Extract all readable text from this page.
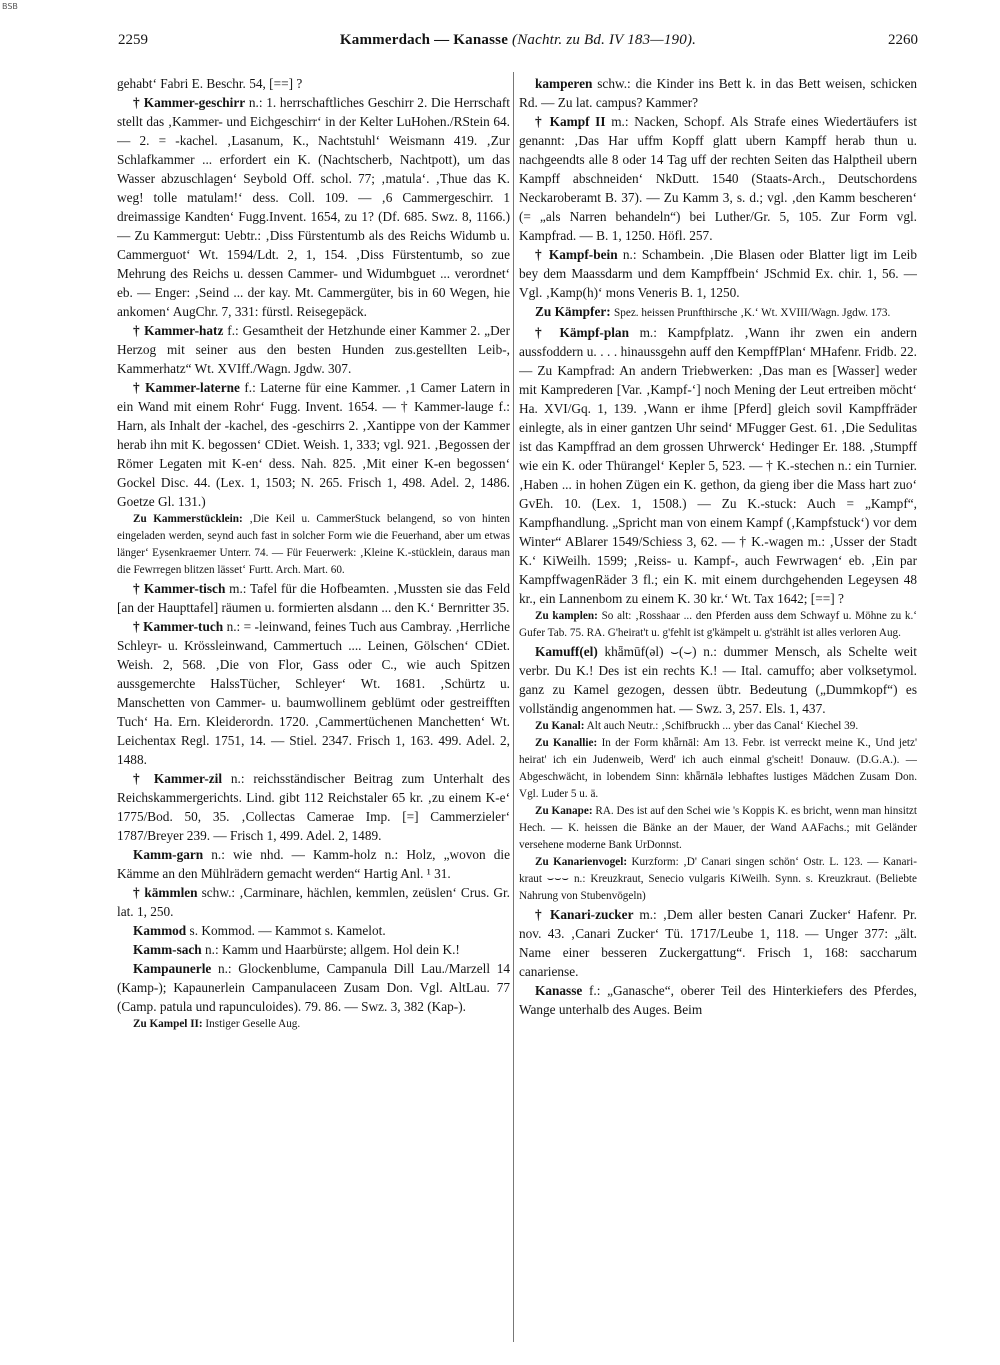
BSB
2259	Kammerdach — Kanasse (Nachtr. zu Bd. IV 183—190).	2260

gehabt‘ Fabri E. Beschr. 54, [==] ?

† Kammer-geschirr n.: 1. herrschaftliches Geschirr 2. Die Herrschaft stellt das ‚Kammer- und Eichgeschirr‘ in der Kelter LuHohen./RStein 64. — 2. = -kachel. ‚Lasanum, K., Nachtstuhl‘ Weismann 419. ‚Zur Schlafkammer ... erfordert ein K. (Nachtscherb, Nachtpott), um das Wasser abzuschlagen‘ Seybold Off. schol. 77; ‚matula‘. ‚Thue das K. weg! tolle matulam!‘ dess. Coll. 109. — ‚6 Cammergeschirr. 1 dreimassige Kandten‘ Fugg.Invent. 1654, zu 1? (Df. 685. Swz. 8, 1166.) — Zu Kammergut: Uebtr.: ‚Diss Fürstentumb als des Reichs Widumb u. Cammerguot‘ Wt. 1594/Ldt. 2, 1, 154. ‚Diss Fürstentumb, so zue Mehrung des Reichs u. dessen Cammer- und Widumbguet ... verordnet‘ eb. — Enger: ‚Seind ... der kay. Mt. Cammergüter, bis in 60 Wegen, hie ankomen‘ AugChr. 7, 331: fürstl. Reisegepäck.

† Kammer-hatz f.: Gesamtheit der Hetzhunde einer Kammer 2. „Der Herzog mit seiner aus den besten Hunden zus.gestellten Leib-, Kammerhatz“ Wt. XVIff./Wagn. Jgdw. 307.

† Kammer-laterne f.: Laterne für eine Kammer. ‚1 Camer Latern in ein Wand mit einem Rohr‘ Fugg. Invent. 1654. — † Kammer-lauge f.: Harn, als Inhalt der -kachel, des -geschirrs 2. ‚Xantippe von der Kammer herab ihn mit K. begossen‘ CDiet. Weish. 1, 333; vgl. 921. ‚Begossen der Römer Legaten mit K-en‘ dess. Nah. 825. ‚Mit einer K-en begossen‘ Gockel Disc. 44. (Lex. 1, 1503; N. 265. Frisch 1, 498. Adel. 2, 1486. Goetze Gl. 131.)

Zu Kammerstücklein: ‚Die Keil u. CammerStuck belangend, so von hinten eingeladen werden, seynd auch fast in solcher Form wie die Feuerhand, aber um etwas länger‘ Eysenkraemer Unterr. 74. — Für Feuerwerk: ‚Kleine K.-stücklein, daraus man die Fewrregen blitzen lässet‘ Furtt. Arch. Mart. 60.

† Kammer-tisch m.: Tafel für die Hofbeamten. ‚Mussten sie das Feld [an der Haupttafel] räumen u. formierten alsdann ... den K.‘ Bernritter 35.

† Kammer-tuch n.: = -leinwand, feines Tuch aus Cambray. ‚Herrliche Schleyr- u. Krössleinwand, Cammertuch .... Leinen, Gölschen‘ CDiet. Weish. 2, 568. ‚Die von Flor, Gass oder C., wie auch Spitzen aussgemerchte HalssTücher, Schleyer‘ Wt. 1681. ‚Schürtz u. Manschetten von Cammer- u. baumwollinem geblümt oder gestreifften Tuch‘ Ha. Ern. Kleiderordn. 1720. ‚Cammertüchenen Manchetten‘ Wt. Leichentax Regl. 1751, 14. — Stiel. 2347. Frisch 1, 163. 499. Adel. 2, 1488.

† Kammer-zil n.: reichsständischer Beitrag zum Unterhalt des Reichskammergerichts. Lind. gibt 112 Reichstaler 65 kr. ‚zu einem K-e‘ 1775/Bod. 50, 35. ‚Collectas Camerae Imp. [=] Cammerzieler‘ 1787/Breyer 239. — Frisch 1, 499. Adel. 2, 1489.

Kamm-garn n.: wie nhd. — Kamm-holz n.: Holz, „wovon die Kämme an den Mühlrädern gemacht werden“ Hartig Anl. ¹ 31.

† kämmlen schw.: ‚Carminare, hächlen, kemmlen, zeüslen‘ Crus. Gr. lat. 1, 250.

Kammod s. Kommod. — Kammot s. Kamelot.

Kamm-sach n.: Kamm und Haarbürste; allgem. Hol dein K.!

Kampaunerle n.: Glockenblume, Campanula Dill Lau./Marzell 14 (Kamp-); Kapaunerlein Campanulaceen Zusam Don. Vgl. AltLau. 77 (Camp. patula und rapunculoides). 79. 86. — Swz. 3, 382 (Kap-).

Zu Kampel II: Instiger Geselle Aug.

kamperen schw.: die Kinder ins Bett k. in das Bett weisen, schicken Rd. — Zu lat. campus? Kammer?

† Kampf II m.: Nacken, Schopf. Als Strafe eines Wiedertäufers ist genannt: ‚Das Har uffm Kopff glatt ubern Kampff herab thun u. nachgeendts alle 8 oder 14 Tag uff der rechten Seiten das Halptheil ubern Kampff abschneiden‘ NkDutt. 1540 (Staats-Arch., Deutschordens Neckaroberamt B. 37). — Zu Kamm 3, s. d.; vgl. ‚den Kamm bescheren‘ (= „als Narren behandeln“) bei Luther/Gr. 5, 105. Zur Form vgl. Kampfrad. — B. 1, 1250. Höfl. 257.

† Kampf-bein n.: Schambein. ‚Die Blasen oder Blatter ligt im Leib bey dem Maassdarm und dem Kampffbein‘ JSchmid Ex. chir. 1, 56. — Vgl. ‚Kamp(h)‘ mons Veneris B. 1, 1250.

Zu Kämpfer: Spez. heissen Prunfthirsche ‚K.‘ Wt. XVIII/Wagn. Jgdw. 173.

† Kämpf-plan m.: Kampfplatz. ‚Wann ihr zwen ein andern aussfoddern u. . . . hinaussgehn auff den KempffPlan‘ MHafenr. Fridb. 22. — Zu Kampfrad: An andern Triebwerken: ‚Das man es [Wasser] weder mit Kamprederen [Var. ‚Kampf-‘] noch Mening der Leut ertreiben möcht‘ Ha. XVI/Gq. 1, 139. ‚Wann er ihme [Pferd] gleich sovil Kampffräder einlegte, als in einer gantzen Uhr seind‘ MFugger Gest. 61. ‚Die Sedulitas ist das Kampffrad an dem grossen Uhrwerck‘ Hedinger Er. 188. ‚Stumpff wie ein K. oder Thürangel‘ Kepler 5, 523. — † K.-stechen n.: ein Turnier. ‚Haben ... in hohen Zügen ein K. gethon, da gieng iber die Mass hart zuo‘ GvEh. 10. (Lex. 1, 1508.) — Zu K.-stuck: Auch = „Kampf“, Kampfhandlung. „Spricht man von einem Kampf (‚Kampfstuck‘) vor dem Winter“ ABlarer 1549/Schiess 3, 62. — † K.-wagen m.: ‚Usser der Stadt K.‘ KiWeilh. 1599; ‚Reiss- u. Kampf-, auch Fewrwagen‘ eb. ‚Ein par KampffwagenRäder 3 fl.; ein K. mit einem durchgehenden Legeysen 48 kr., ein Lannenbom zu einem K. 30 kr.‘ Wt. Tax 1642; [==] ?

Zu kamplen: So alt: ‚Rosshaar ... den Pferden auss dem Schwayf u. Möhne zu k.‘ Gufer Tab. 75. RA. G'heirat't u. g'fehlt ist g'kämpelt u. g'strählt ist alles verloren Aug.

Kamuff(el) khǟmūf(əl) ⌣(⌣) n.: dummer Mensch, als Schelte weit verbr. Du K.! Des ist ein rechts K.! — Ital. camuffo; aber volksetymol. ganz zu Kamel gezogen, dessen übtr. Bedeutung („Dummkopf“) es vollständig angenommen hat. — Swz. 3, 257. Els. 1, 437.

Zu Kanal: Alt auch Neutr.: ‚Schifbruckh ... yber das Canal‘ Kiechel 39.

Zu Kanallie: In der Form khǟrnāl: Am 13. Febr. ist verreckt meine K., Und jetz' heirat' ich ein Judenweib, Werd' ich auch einmal g'scheit! Donauw. (D.G.A.). — Abgeschwächt, in lobendem Sinn: khǟrnālǝ lebhaftes lustiges Mädchen Zusam Don. Vgl. Luder 5 u. ä.

Zu Kanape: RA. Des ist auf den Schei wie 's Koppis K. es bricht, wenn man hinsitzt Hech. — K. heissen die Bänke an der Mauer, der Wand AAFachs.; mit Geländer versehene moderne Bank UrDonnst.

Zu Kanarienvogel: Kurzform: ‚D' Canari singen schön‘ Ostr. L. 123. — Kanari-kraut ⌣⌣⌣ n.: Kreuzkraut, Senecio vulgaris KiWeilh. Synn. s. Kreuzkraut. (Beliebte Nahrung von Stubenvögeln)

† Kanari-zucker m.: ‚Dem aller besten Canari Zucker‘ Hafenr. Pr. nov. 43. ‚Canari Zucker‘ Tü. 1717/Leube 1, 118. — Unger 377: „ält. Name einer besseren Zuckergattung“. Frisch 1, 168: saccharum canariense.

Kanasse f.: „Ganasche“, oberer Teil des Hinterkiefers des Pferdes, Wange unterhalb des Auges. Beim
